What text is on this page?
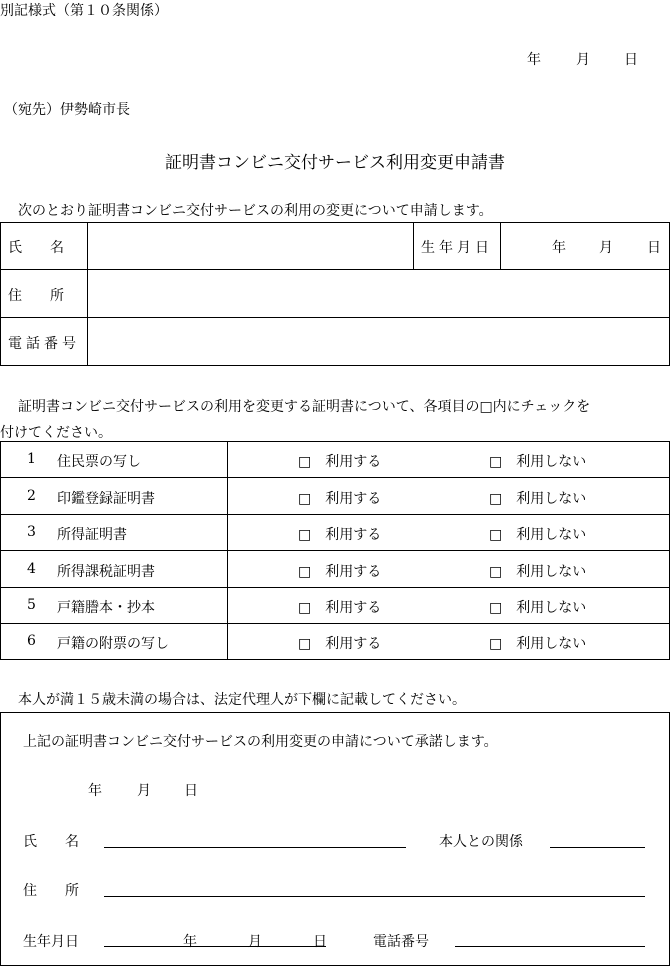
別記様式（第１０条関係）
年	月 日
（宛先）伊勢崎市長
証明書コンビニ交付サービス利用変更申請書
次のとおり証明書コンビニ交付サービスの利用の変更について申請します。
氏　　名	生年月日	年 月 日
住　　所
電話番号
証明書コンビニ交付サービスの利用を変更する証明書について、各項目の□内にチェックを
付けてください。
1 住民票の写し	□ 利用する	□ 利用しない
2 印鑑登録証明書	□ 利用する	□ 利用しない
3 所得証明書	□ 利用する	□ 利用しない
4 所得課税証明書	□ 利用する	□ 利用しない
5 戸籍謄本・抄本	□ 利用する	□ 利用しない
6 戸籍の附票の写し	□ 利用する	□ 利用しない
本人が満１５歳未満の場合は、法定代理人が下欄に記載してください。
上記の証明書コンビニ交付サービスの利用変更の申請について承諾します。
年	月 日
氏　　名	本人との関係
住　　所
生年月日	年	月	日	電話番号
